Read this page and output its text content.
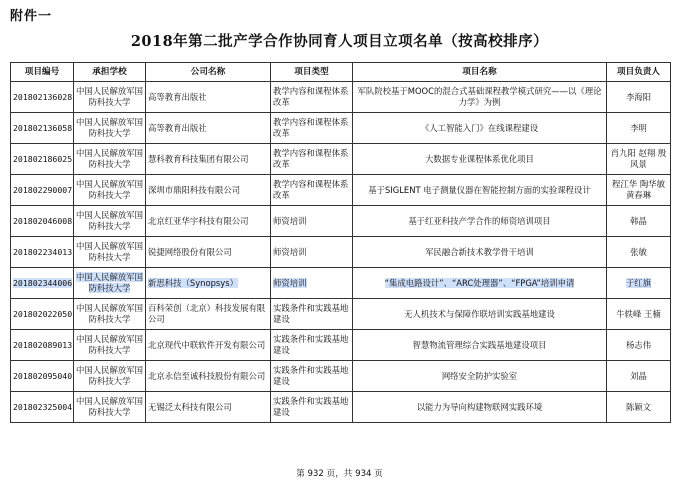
附件一
2018年第二批产学合作协同育人项目立项名单（按高校排序）
项目编号	承担学校	公司名称	项目类型	项目名称	项目负责人
201802136028	中国人民解放军国防科技大学	高等教育出版社	教学内容和课程体系改革	军队院校基于MOOC的混合式基础课程教学模式研究——以《理论力学》为例	李海阳
201802136058	中国人民解放军国防科技大学	高等教育出版社	教学内容和课程体系改革	《人工智能入门》在线课程建设	李明
201802186025	中国人民解放军国防科技大学	慧科教育科技集团有限公司	教学内容和课程体系改革	大数据专业课程体系优化项目	肖九阳 赵翔 殷风景
201802290007	中国人民解放军国防科技大学	深圳市鼎阳科技有限公司	教学内容和课程体系改革	基于SIGLENT 电子测量仪器在智能控制方面的实验课程设计	程江华 陶华敏 黄春琳
201802046008	中国人民解放军国防科技大学	北京红亚华宇科技有限公司	师资培训	基于红亚科技产学合作的师资培训项目	韩晶
201802234013	中国人民解放军国防科技大学	锐捷网络股份有限公司	师资培训	军民融合新技术教学骨干培训	张敏
201802344006	中国人民解放军国防科技大学	新思科技（Synopsys）	师资培训	“集成电路设计”、“ARC处理器”、“FPGA”培训申请	于红旗
201802022050	中国人民解放军国防科技大学	百科荣创（北京）科技发展有限公司	实践条件和实践基地建设	无人机技术与保障作联培训实践基地建设	牛轶峰 王楠
201802089013	中国人民解放军国防科技大学	北京现代中联软件开发有限公司	实践条件和实践基地建设	智慧物流管理综合实践基地建设项目	杨志伟
201802095040	中国人民解放军国防科技大学	北京永信至诚科技股份有限公司	实践条件和实践基地建设	网络安全防护实验室	刘晶
201802325004	中国人民解放军国防科技大学	无锡泛太科技有限公司	实践条件和实践基地建设	以能力为导向构建物联网实践环境	陈颖文
第 932 页，共 934 页
